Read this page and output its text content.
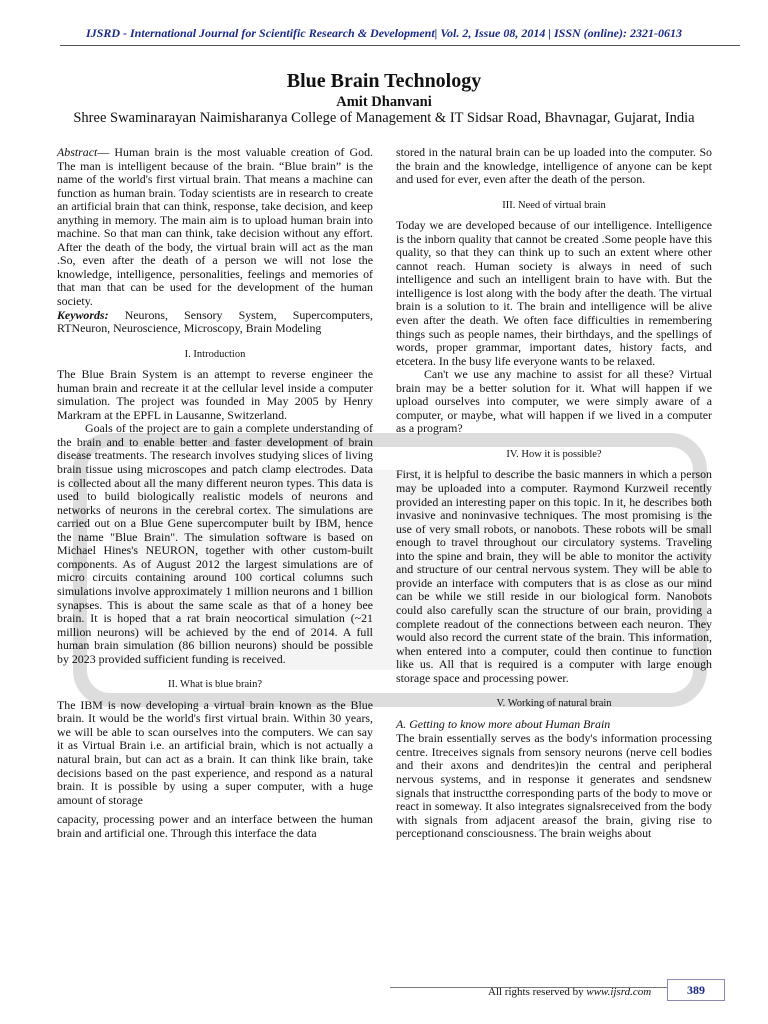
IJSRD - International Journal for Scientific Research & Development| Vol. 2, Issue 08, 2014 | ISSN (online): 2321-0613
Blue Brain Technology
Amit Dhanvani
Shree Swaminarayan Naimisharanya College of Management & IT Sidsar Road, Bhavnagar, Gujarat, India

Abstract— Human brain is the most valuable creation of God. The man is intelligent because of the brain. “Blue brain” is the name of the world's first virtual brain. That means a machine can function as human brain. Today scientists are in research to create an artificial brain that can think, response, take decision, and keep anything in memory. The main aim is to upload human brain into machine. So that man can think, take decision without any effort. After the death of the body, the virtual brain will act as the man .So, even after the death of a person we will not lose the knowledge, intelligence, personalities, feelings and memories of that man that can be used for the development of the human society.

Keywords: Neurons, Sensory System, Supercomputers, RTNeuron, Neuroscience, Microscopy, Brain Modeling

I. Introduction

The Blue Brain System is an attempt to reverse engineer the human brain and recreate it at the cellular level inside a computer simulation. The project was founded in May 2005 by Henry Markram at the EPFL in Lausanne, Switzerland.

Goals of the project are to gain a complete understanding of the brain and to enable better and faster development of brain disease treatments. The research involves studying slices of living brain tissue using microscopes and patch clamp electrodes. Data is collected about all the many different neuron types. This data is used to build biologically realistic models of neurons and networks of neurons in the cerebral cortex. The simulations are carried out on a Blue Gene supercomputer built by IBM, hence the name "Blue Brain". The simulation software is based on Michael Hines's NEURON, together with other custom-built components. As of August 2012 the largest simulations are of micro circuits containing around 100 cortical columns such simulations involve approximately 1 million neurons and 1 billion synapses. This is about the same scale as that of a honey bee brain. It is hoped that a rat brain neocortical simulation (~21 million neurons) will be achieved by the end of 2014. A full human brain simulation (86 billion neurons) should be possible by 2023 provided sufficient funding is received.

II. What is blue brain?

The IBM is now developing a virtual brain known as the Blue brain. It would be the world's first virtual brain. Within 30 years, we will be able to scan ourselves into the computers. We can say it as Virtual Brain i.e. an artificial brain, which is not actually a natural brain, but can act as a brain. It can think like brain, take decisions based on the past experience, and respond as a natural brain. It is possible by using a super computer, with a huge amount of storage

capacity, processing power and an interface between the human brain and artificial one. Through this interface the data

stored in the natural brain can be up loaded into the computer. So the brain and the knowledge, intelligence of anyone can be kept and used for ever, even after the death of the person.

III. Need of virtual brain

Today we are developed because of our intelligence. Intelligence is the inborn quality that cannot be created .Some people have this quality, so that they can think up to such an extent where other cannot reach. Human society is always in need of such intelligence and such an intelligent brain to have with. But the intelligence is lost along with the body after the death. The virtual brain is a solution to it. The brain and intelligence will be alive even after the death. We often face difficulties in remembering things such as people names, their birthdays, and the spellings of words, proper grammar, important dates, history facts, and etcetera. In the busy life everyone wants to be relaxed.

Can't we use any machine to assist for all these? Virtual brain may be a better solution for it. What will happen if we upload ourselves into computer, we were simply aware of a computer, or maybe, what will happen if we lived in a computer as a program?

IV. How it is possible?

First, it is helpful to describe the basic manners in which a person may be uploaded into a computer. Raymond Kurzweil recently provided an interesting paper on this topic. In it, he describes both invasive and noninvasive techniques. The most promising is the use of very small robots, or nanobots. These robots will be small enough to travel throughout our circulatory systems. Traveling into the spine and brain, they will be able to monitor the activity and structure of our central nervous system. They will be able to provide an interface with computers that is as close as our mind can be while we still reside in our biological form. Nanobots could also carefully scan the structure of our brain, providing a complete readout of the connections between each neuron. They would also record the current state of the brain. This information, when entered into a computer, could then continue to function like us. All that is required is a computer with large enough storage space and processing power.

V. Working of natural brain
A. Getting to know more about Human Brain

The brain essentially serves as the body's information processing centre. Itreceives signals from sensory neurons (nerve cell bodies and their axons and dendrites)in the central and peripheral nervous systems, and in response it generates and sendsnew signals that instructthe corresponding parts of the body to move or react in someway. It also integrates signalsreceived from the body with signals from adjacent areasof the brain, giving rise to perceptionand consciousness. The brain weighs about

All rights reserved by www.ijsrd.com	389
